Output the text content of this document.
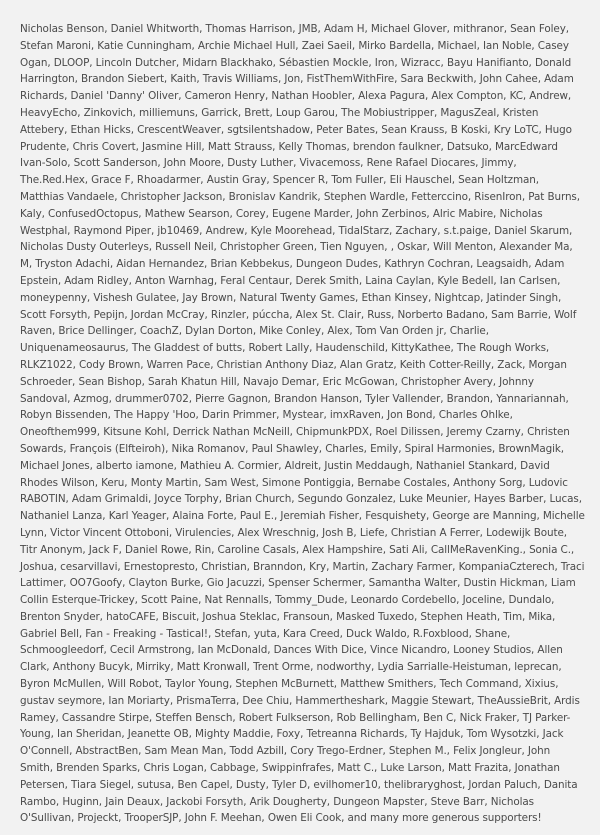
Nicholas Benson, Daniel Whitworth, Thomas Harrison, JMB, Adam H, Michael Glover, mithranor, Sean Foley, Stefan Maroni, Katie Cunningham, Archie Michael Hull, Zaei Saeil, Mirko Bardella, Michael, Ian Noble, Casey Ogan, DLOOP, Lincoln Dutcher, Midarn Blackhako, Sébastien Mockle, Iron, Wizracc, Bayu Hanifianto, Donald Harrington, Brandon Siebert, Kaith, Travis Williams, Jon, FistThemWithFire, Sara Beckwith, John Cahee, Adam Richards, Daniel 'Danny' Oliver, Cameron Henry, Nathan Hoobler, Alexa Pagura, Alex Compton, KC, Andrew, HeavyEcho, Zinkovich, milliemuns, Garrick, Brett, Loup Garou, The Mobiustripper, MagusZeal, Kristen Attebery, Ethan Hicks, CrescentWeaver, sgtsilentshadow, Peter Bates, Sean Krauss, B Koski, Kry LoTC, Hugo Prudente, Chris Covert, Jasmine Hill, Matt Strauss, Kelly Thomas, brendon faulkner, Datsuko, MarcEdward Ivan-Solo, Scott Sanderson, John Moore, Dusty Luther, Vivacemoss, Rene Rafael Diocares, Jimmy, The.Red.Hex, Grace F, Rhoadarmer, Austin Gray, Spencer R, Tom Fuller, Eli Hauschel, Sean Holtzman, Matthias Vandaele, Christopher Jackson, Bronislav Kandrik, Stephen Wardle, Fetterccino, RisenIron, Pat Burns, Kaly, ConfusedOctopus, Mathew Searson, Corey, Eugene Marder, John Zerbinos, Alric Mabire, Nicholas Westphal, Raymond Piper, jb10469, Andrew, Kyle Moorehead, TidalStarz, Zachary, s.t.paige, Daniel Skarum, Nicholas Dusty Outerleys, Russell Neil, Christopher Green, Tien Nguyen, , Oskar, Will Menton, Alexander Ma, M, Tryston Adachi, Aidan Hernandez, Brian Kebbekus, Dungeon Dudes, Kathryn Cochran, Leagsaidh, Adam Epstein, Adam Ridley, Anton Warnhag, Feral Centaur, Derek Smith, Laina Caylan, Kyle Bedell, Ian Carlsen, moneypenny, Vishesh Gulatee, Jay Brown, Natural Twenty Games, Ethan Kinsey, Nightcap, Jatinder Singh, Scott Forsyth, Pepijn, Jordan McCray, Rinzler, púccha, Alex St. Clair, Russ, Norberto Badano, Sam Barrie, Wolf Raven, Brice Dellinger, CoachZ, Dylan Dorton, Mike Conley, Alex, Tom Van Orden jr, Charlie, Uniquenameosaurus, The Gladdest of butts, Robert Lally, Haudenschild, KittyKathee, The Rough Works, RLKZ1022, Cody Brown, Warren Pace, Christian Anthony Diaz, Alan Gratz, Keith Cotter-Reilly, Zack, Morgan Schroeder, Sean Bishop, Sarah Khatun Hill, Navajo Demar, Eric McGowan, Christopher Avery, Johnny Sandoval, Azmog, drummer0702, Pierre Gagnon, Brandon Hanson, Tyler Vallender, Brandon, Yannariannah, Robyn Bissenden, The Happy 'Hoo, Darin Primmer, Mystear, imxRaven, Jon Bond, Charles Ohlke, Oneofthem999, Kitsune Kohl, Derrick Nathan McNeill, ChipmunkPDX, Roel Dilissen, Jeremy Czarny, Christen Sowards, François (Elfteiroh), Nika Romanov, Paul Shawley, Charles, Emily, Spiral Harmonies, BrownMagik, Michael Jones, alberto iamone, Mathieu A. Cormier, Aldreit, Justin Meddaugh, Nathaniel Stankard, David Rhodes Wilson, Keru, Monty Martin, Sam West, Simone Pontiggia, Bernabe Costales, Anthony Sorg, Ludovic RABOTIN, Adam Grimaldi, Joyce Torphy, Brian Church, Segundo Gonzalez, Luke Meunier, Hayes Barber, Lucas, Nathaniel Lanza, Karl Yeager, Alaina Forte, Paul E., Jeremiah Fisher, Fesquishety, George are Manning, Michelle Lynn, Victor Vincent Ottoboni, Virulencies, Alex Wreschnig, Josh B, Liefe, Christian A Ferrer, Lodewijk Boute, Titr Anonym, Jack F, Daniel Rowe, Rin, Caroline Casals, Alex Hampshire, Sati Ali, CallMeRavenKing., Sonia C., Joshua, cesarvillavi, Ernestopresto, Christian, Branndon, Kry, Martin, Zachary Farmer, KompaniaCzterech, Traci Lattimer, OO7Goofy, Clayton Burke, Gio Jacuzzi, Spenser Schermer, Samantha Walter, Dustin Hickman, Liam Collin Esterque-Trickey, Scott Paine, Nat Rennalls, Tommy_Dude, Leonardo Cordebello, Joceline, Dundalo, Brenton Snyder, hatoCAFE, Biscuit, Joshua Steklac, Fransoun, Masked Tuxedo, Stephen Heath, Tim, Mika, Gabriel Bell, Fan - Freaking - Tastical!, Stefan, yuta, Kara Creed, Duck Waldo, R.Foxblood, Shane, Schmoogleedorf, Cecil Armstrong, Ian McDonald, Dances With Dice, Vince Nicandro, Looney Studios, Allen Clark, Anthony Bucyk, Mirriky, Matt Kronwall, Trent Orme, nodworthy, Lydia Sarrialle-Heistuman, leprecan, Byron McMullen, Will Robot, Taylor Young, Stephen McBurnett, Matthew Smithers, Tech Command, Xixius, gustav seymore, Ian Moriarty, PrismaTerra, Dee Chiu, Hammertheshark, Maggie Stewart, TheAussieBrit, Ardis Ramey, Cassandre Stirpe, Steffen Bensch, Robert Fulkserson, Rob Bellingham, Ben C, Nick Fraker, TJ Parker-Young, Ian Sheridan, Jeanette OB, Mighty Maddie, Foxy, Tetreanna Richards, Ty Hajduk, Tom Wysotzki, Jack O'Connell, AbstractBen, Sam Mean Man, Todd Azbill, Cory Trego-Erdner, Stephen M., Felix Jongleur, John Smith, Brenden Sparks, Chris Logan, Cabbage, Swippinfrafes, Matt C., Luke Larson, Matt Frazita, Jonathan Petersen, Tiara Siegel, sutusa, Ben Capel, Dusty, Tyler D, evilhomer10, thelibraryghost, Jordan Paluch, Danita Rambo, Huginn, Jain Deaux, Jackobi Forsyth, Arik Dougherty, Dungeon Mapster, Steve Barr, Nicholas O'Sullivan, Projeckt, TrooperSJP, John F. Meehan, Owen Eli Cook, and many more generous supporters!
